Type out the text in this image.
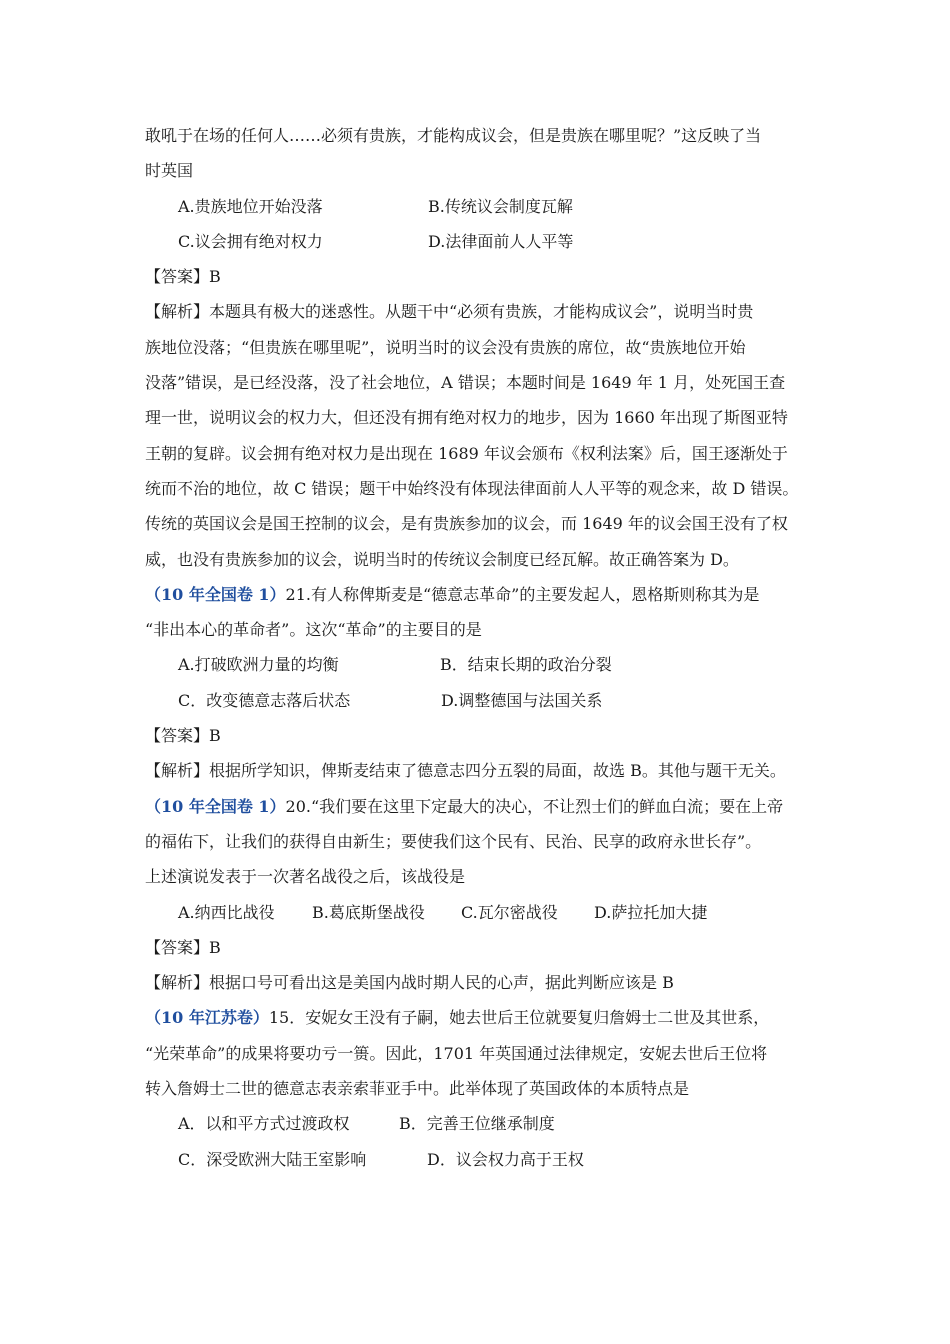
敢吼于在场的任何人……必须有贵族，才能构成议会，但是贵族在哪里呢？”这反映了当
时英国
A.贵族地位开始没落	B.传统议会制度瓦解
C.议会拥有绝对权力	D.法律面前人人平等
【答案】B
【解析】本题具有极大的迷惑性。从题干中“必须有贵族，才能构成议会”，说明当时贵
族地位没落；“但贵族在哪里呢”，说明当时的议会没有贵族的席位，故“贵族地位开始
没落”错误，是已经没落，没了社会地位，A 错误；本题时间是 1649 年 1 月，处死国王查
理一世，说明议会的权力大，但还没有拥有绝对权力的地步，因为 1660 年出现了斯图亚特
王朝的复辟。议会拥有绝对权力是出现在 1689 年议会颁布《权利法案》后，国王逐渐处于
统而不治的地位，故 C 错误；题干中始终没有体现法律面前人人平等的观念来，故 D 错误。
传统的英国议会是国王控制的议会，是有贵族参加的议会，而 1649 年的议会国王没有了权
威，也没有贵族参加的议会，说明当时的传统议会制度已经瓦解。故正确答案为 D。
（10 年全国卷 1）21.有人称俾斯麦是“德意志革命”的主要发起人，恩格斯则称其为是
“非出本心的革命者”。这次“革命”的主要目的是
A.打破欧洲力量的均衡	B．结束长期的政治分裂
C．改变德意志落后状态	D.调整德国与法国关系
【答案】B
【解析】根据所学知识，俾斯麦结束了德意志四分五裂的局面，故选 B。其他与题干无关。
（10 年全国卷 1）20.“我们要在这里下定最大的决心，不让烈士们的鲜血白流；要在上帝
的福佑下，让我们的获得自由新生；要使我们这个民有、民治、民享的政府永世长存”。
上述演说发表于一次著名战役之后，该战役是
A.纳西比战役 B.葛底斯堡战役 C.瓦尔密战役 D.萨拉托加大捷
【答案】B
【解析】根据口号可看出这是美国内战时期人民的心声，据此判断应该是 B
（10 年江苏卷）15．安妮女王没有子嗣，她去世后王位就要复归詹姆士二世及其世系，
“光荣革命”的成果将要功亏一篑。因此，1701 年英国通过法律规定，安妮去世后王位将
转入詹姆士二世的德意志表亲索菲亚手中。此举体现了英国政体的本质特点是
A．以和平方式过渡政权	B．完善王位继承制度
C．深受欧洲大陆王室影响	D．议会权力高于王权
